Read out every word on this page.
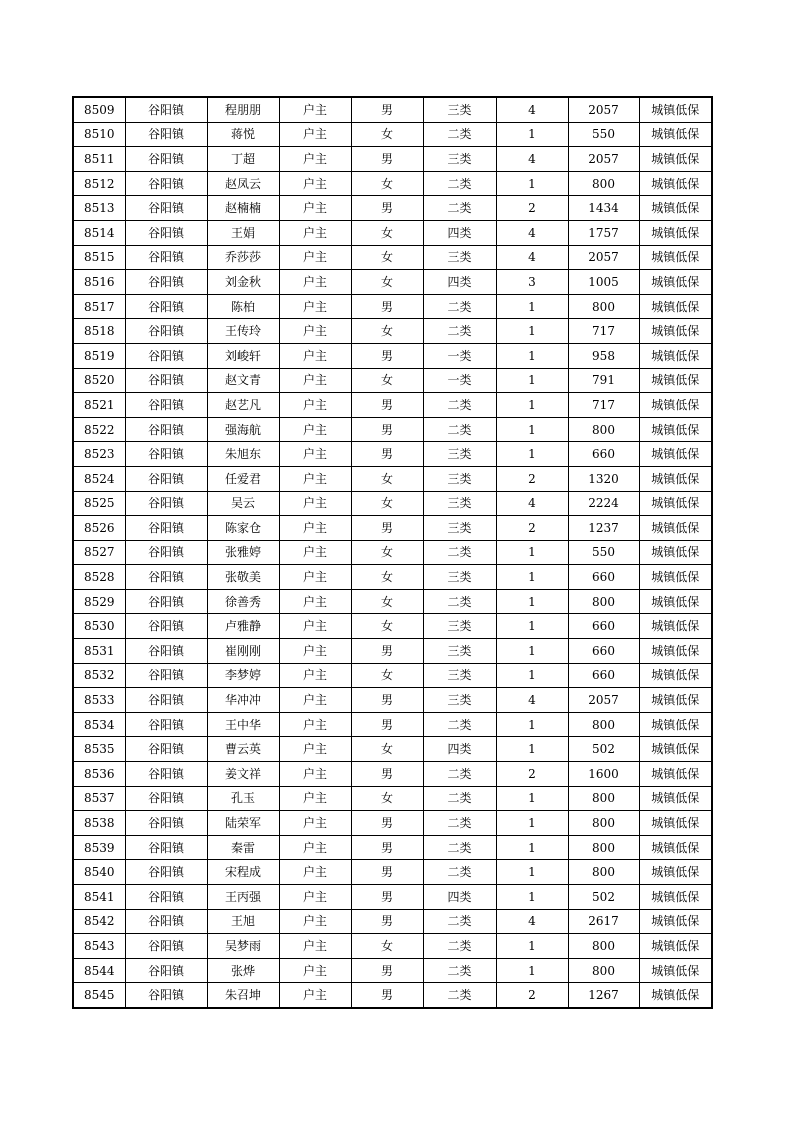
8509	谷阳镇	程朋朋	户主	男	三类	4	2057	城镇低保
8510	谷阳镇	蒋悦	户主	女	二类	1	550	城镇低保
8511	谷阳镇	丁超	户主	男	三类	4	2057	城镇低保
8512	谷阳镇	赵凤云	户主	女	二类	1	800	城镇低保
8513	谷阳镇	赵楠楠	户主	男	二类	2	1434	城镇低保
8514	谷阳镇	王娟	户主	女	四类	4	1757	城镇低保
8515	谷阳镇	乔莎莎	户主	女	三类	4	2057	城镇低保
8516	谷阳镇	刘金秋	户主	女	四类	3	1005	城镇低保
8517	谷阳镇	陈柏	户主	男	二类	1	800	城镇低保
8518	谷阳镇	王传玲	户主	女	二类	1	717	城镇低保
8519	谷阳镇	刘峻轩	户主	男	一类	1	958	城镇低保
8520	谷阳镇	赵文青	户主	女	一类	1	791	城镇低保
8521	谷阳镇	赵艺凡	户主	男	二类	1	717	城镇低保
8522	谷阳镇	强海航	户主	男	二类	1	800	城镇低保
8523	谷阳镇	朱旭东	户主	男	三类	1	660	城镇低保
8524	谷阳镇	任爱君	户主	女	三类	2	1320	城镇低保
8525	谷阳镇	吴云	户主	女	三类	4	2224	城镇低保
8526	谷阳镇	陈家仓	户主	男	三类	2	1237	城镇低保
8527	谷阳镇	张雅婷	户主	女	二类	1	550	城镇低保
8528	谷阳镇	张敬美	户主	女	三类	1	660	城镇低保
8529	谷阳镇	徐善秀	户主	女	二类	1	800	城镇低保
8530	谷阳镇	卢雅静	户主	女	三类	1	660	城镇低保
8531	谷阳镇	崔刚刚	户主	男	三类	1	660	城镇低保
8532	谷阳镇	李梦婷	户主	女	三类	1	660	城镇低保
8533	谷阳镇	华冲冲	户主	男	三类	4	2057	城镇低保
8534	谷阳镇	王中华	户主	男	二类	1	800	城镇低保
8535	谷阳镇	曹云英	户主	女	四类	1	502	城镇低保
8536	谷阳镇	姜文祥	户主	男	二类	2	1600	城镇低保
8537	谷阳镇	孔玉	户主	女	二类	1	800	城镇低保
8538	谷阳镇	陆荣军	户主	男	二类	1	800	城镇低保
8539	谷阳镇	秦雷	户主	男	二类	1	800	城镇低保
8540	谷阳镇	宋程成	户主	男	二类	1	800	城镇低保
8541	谷阳镇	王丙强	户主	男	四类	1	502	城镇低保
8542	谷阳镇	王旭	户主	男	二类	4	2617	城镇低保
8543	谷阳镇	吴梦雨	户主	女	二类	1	800	城镇低保
8544	谷阳镇	张烨	户主	男	二类	1	800	城镇低保
8545	谷阳镇	朱召坤	户主	男	二类	2	1267	城镇低保
